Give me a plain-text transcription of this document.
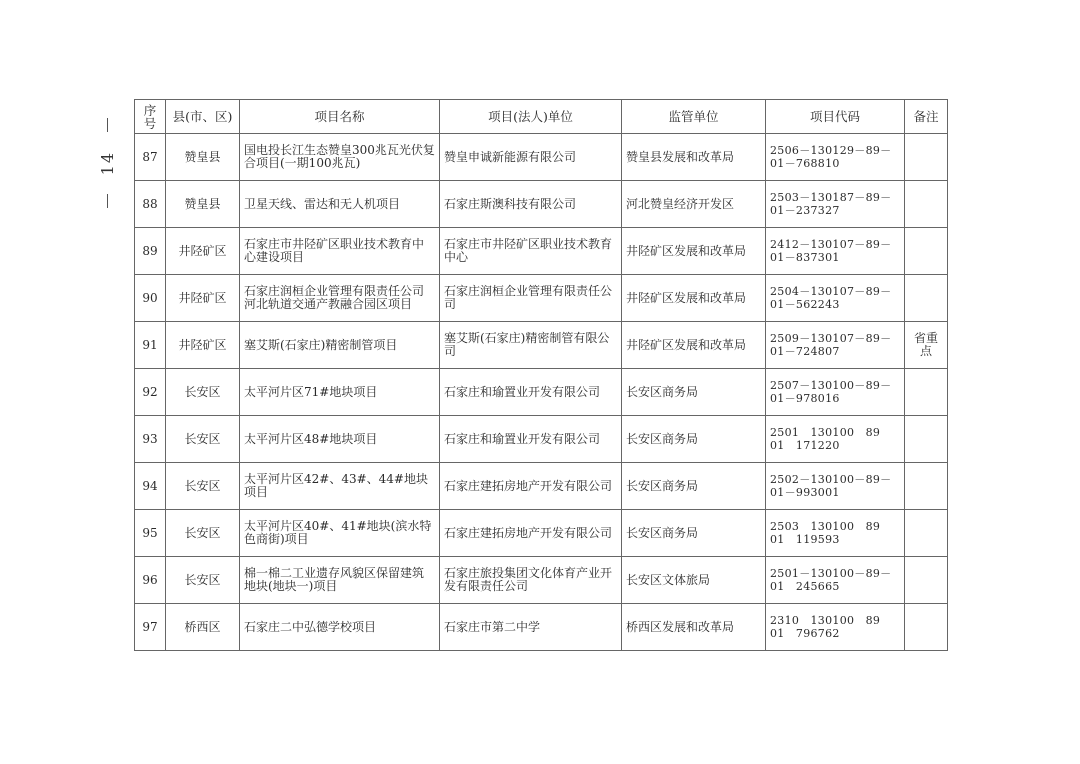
14
序号	县(市、区)	项目名称	项目(法人)单位	监管单位	项目代码	备注
87	赞皇县	国电投长江生态赞皇300兆瓦光伏复合项目(一期100兆瓦)	赞皇申诚新能源有限公司	赞皇县发展和改革局	2506－130129－89－01－768810	
88	赞皇县	卫星天线、雷达和无人机项目	石家庄斯澳科技有限公司	河北赞皇经济开发区	2503－130187－89－01－237327	
89	井陉矿区	石家庄市井陉矿区职业技术教育中心建设项目	石家庄市井陉矿区职业技术教育中心	井陉矿区发展和改革局	2412－130107－89－01－837301	
90	井陉矿区	石家庄润桓企业管理有限责任公司河北轨道交通产教融合园区项目	石家庄润桓企业管理有限责任公司	井陉矿区发展和改革局	2504－130107－89－01－562243	
91	井陉矿区	塞艾斯(石家庄)精密制管项目	塞艾斯(石家庄)精密制管有限公司	井陉矿区发展和改革局	2509－130107－89－01－724807	省重点
92	长安区	太平河片区71#地块项目	石家庄和瑜置业开发有限公司	长安区商务局	2507－130100－89－01－978016	
93	长安区	太平河片区48#地块项目	石家庄和瑜置业开发有限公司	长安区商务局	2501　130100　89　01　171220	
94	长安区	太平河片区42#、43#、44#地块项目	石家庄建拓房地产开发有限公司	长安区商务局	2502－130100－89－01－993001	
95	长安区	太平河片区40#、41#地块(滨水特色商街)项目	石家庄建拓房地产开发有限公司	长安区商务局	2503　130100　89　01　119593	
96	长安区	棉一棉二工业遗存风貌区保留建筑地块(地块一)项目	石家庄旅投集团文化体育产业开发有限责任公司	长安区文体旅局	2501－130100－89－01　245665	
97	桥西区	石家庄二中弘德学校项目	石家庄市第二中学	桥西区发展和改革局	2310　130100　89　01　796762	
